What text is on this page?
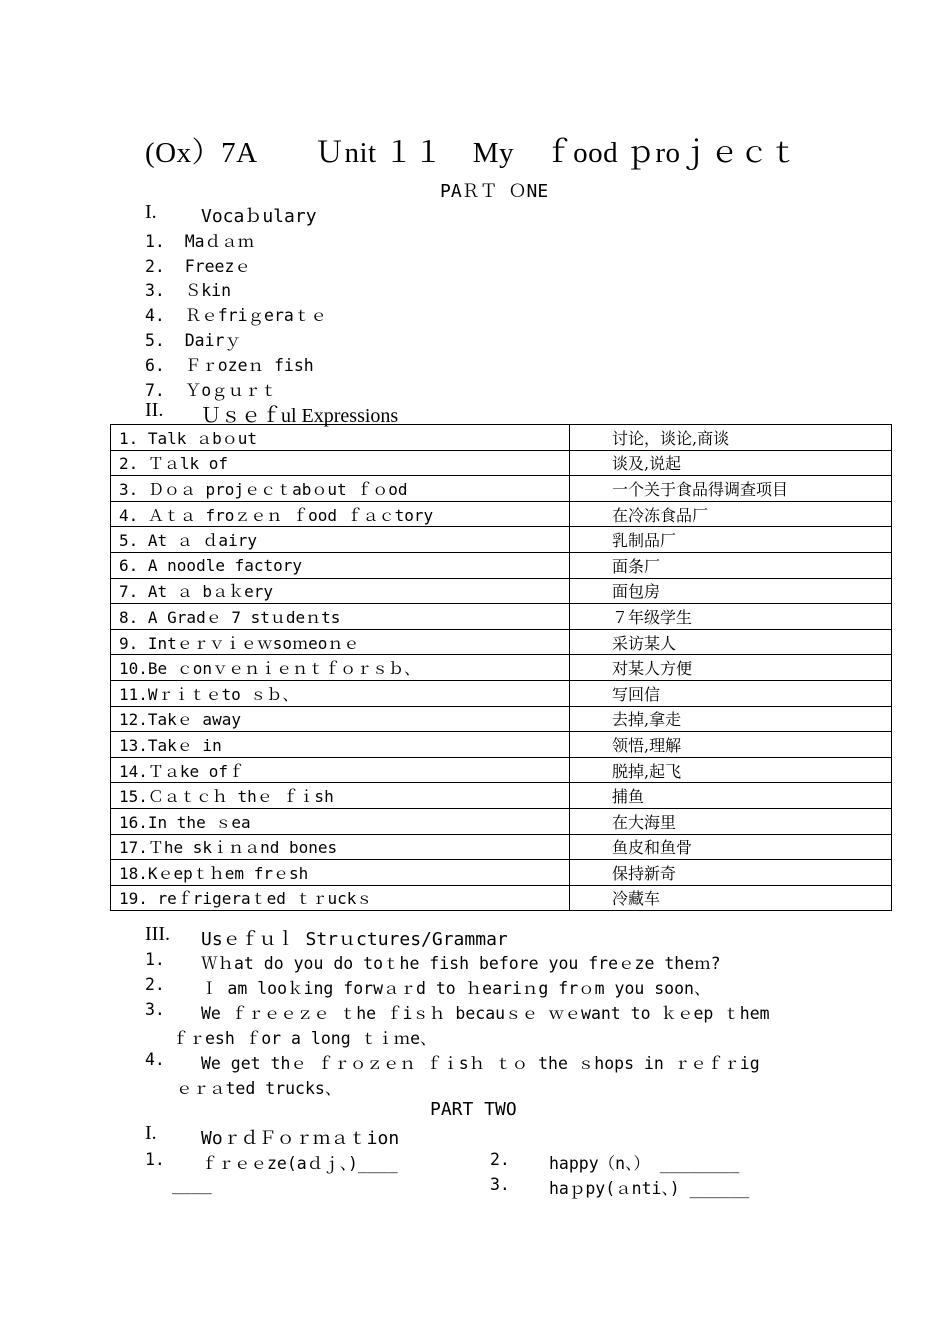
(Ox）7A　　Ｕnit １１　My　ｆood ｐroｊｅｃｔ
PAＲＴ ＯNE
I. Vocaｂulary
1.  Maｄａｍ
2.  Freezｅ
3.  Ｓkin
4.  Ｒｅfriｇeraｔｅ
5.  Dairｙ
6.  Ｆｒozeｎ fish
7.  Ｙoｇｕｒｔ
II. Ｕｓｅｆul Expressions
1. Talk ａbｏut	讨论，谈论,商谈
2. Ｔａlk of	谈及,说起
3. Ｄｏａ projｅｃｔabｏut ｆｏod	一个关于食品得调查项目
4. Ａｔａ froｚｅｎ ｆood ｆａｃtory	在冷冻食品厂
5. At ａ ｄairy	乳制品厂
6. A noodle factory	面条厂
7. At ａ bａｋery	面包房
8. A Gradｅ 7 stｕdeｎts	７年级学生
9. Intｅｒｖｉｅｗsoｍeoｎｅ	采访某人
10.Be ｃonｖｅｎｉｅｎｔｆｏｒｓｂ、	对某人方便
11.Wｒｉｔｅto ｓｂ、	写回信
12.Takｅ away	去掉,拿走
13.Takｅ in	领悟,理解
14.Ｔａke ofｆ	脱掉,起飞
15.Ｃａｔｃｈ thｅ ｆｉsh	捕鱼
16.In the ｓea	在大海里
17.Ｔhe skｉｎａnd bones	鱼皮和鱼骨
18.Kｅepｔｈem frｅsh	保持新奇
19. reｆrigeraｔed ｔｒuckｓ	冷藏车
III. Usｅｆｕｌ Strｕctures/Grammar
1. Ｗｈat do you do toｔhe fish before you freｅze theｍ?
2. Ｉ am looｋing forwａｒd to ｈeariｎg frｏm you soon、
3. We ｆｒｅｅｚｅ ｔhe ｆiｓｈ becauｓｅ ｗｅwant to ｋｅep ｔhem
ｆｒesh ｆor a long ｔｉｍe、
4. We get thｅ ｆｒｏｚｅｎ ｆｉsｈ ｔｏ the ｓhops in ｒｅｆｒig
ｅｒａted trucks、
PART TWO
I. WoｒｄＦｏｒｍａｔion
1. ｆｒｅｅze(aｄｊ、)____
____
2. happy（n、） ________
3. haｐpy(ａnti、) ______
